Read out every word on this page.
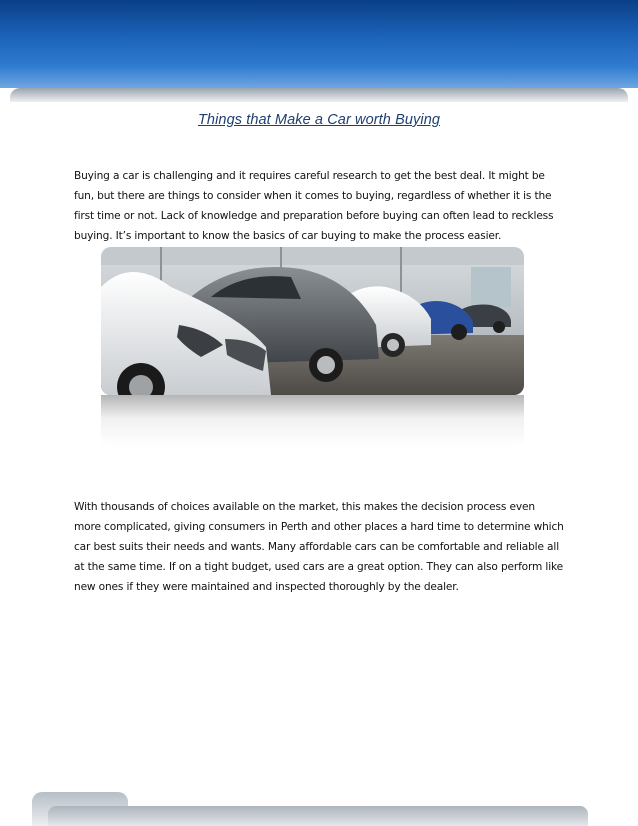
Things that Make a Car worth Buying

Buying a car is challenging and it requires careful research to get the best deal. It might be fun, but there are things to consider when it comes to buying, regardless of whether it is the first time or not. Lack of knowledge and preparation before buying can often lead to reckless buying. It’s important to know the basics of car buying to make the process easier.

With thousands of choices available on the market, this makes the decision process even more complicated, giving consumers in Perth and other places a hard time to determine which car best suits their needs and wants. Many affordable cars can be comfortable and reliable all at the same time. If on a tight budget, used cars are a great option. They can also perform like new ones if they were maintained and inspected thoroughly by the dealer.
